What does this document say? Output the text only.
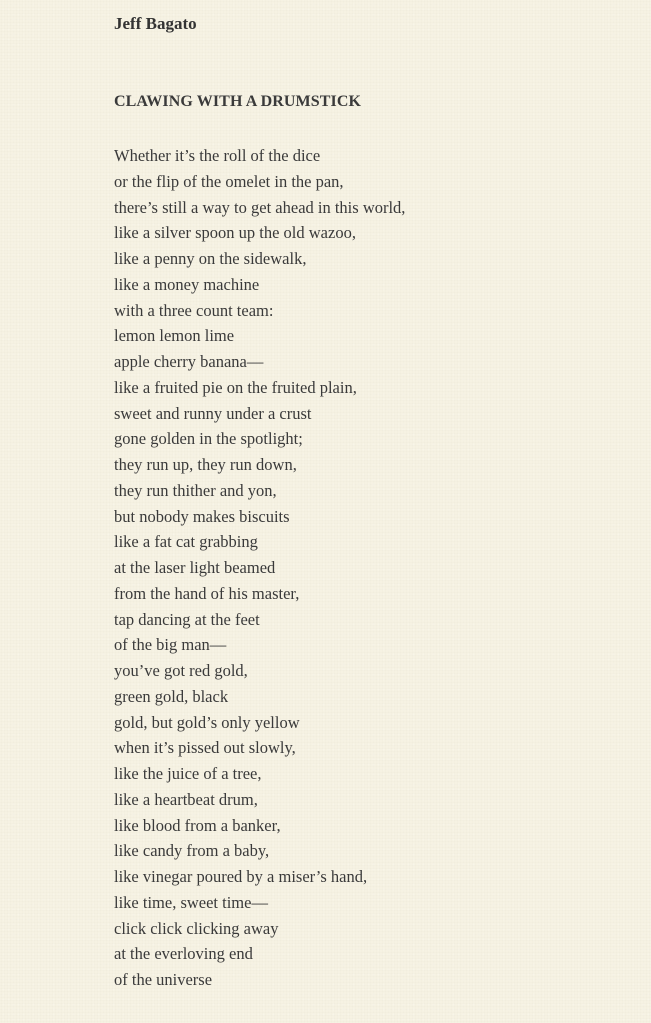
Jeff Bagato
CLAWING WITH A DRUMSTICK
Whether it’s the roll of the dice
or the flip of the omelet in the pan,
there’s still a way to get ahead in this world,
like a silver spoon up the old wazoo,
like a penny on the sidewalk,
like a money machine
with a three count team:
lemon lemon lime
apple cherry banana—
like a fruited pie on the fruited plain,
sweet and runny under a crust
gone golden in the spotlight;
they run up, they run down,
they run thither and yon,
but nobody makes biscuits
like a fat cat grabbing
at the laser light beamed
from the hand of his master,
tap dancing at the feet
of the big man—
you’ve got red gold,
green gold, black
gold, but gold’s only yellow
when it’s pissed out slowly,
like the juice of a tree,
like a heartbeat drum,
like blood from a banker,
like candy from a baby,
like vinegar poured by a miser’s hand,
like time, sweet time—
click click clicking away
at the everloving end
of the universe
